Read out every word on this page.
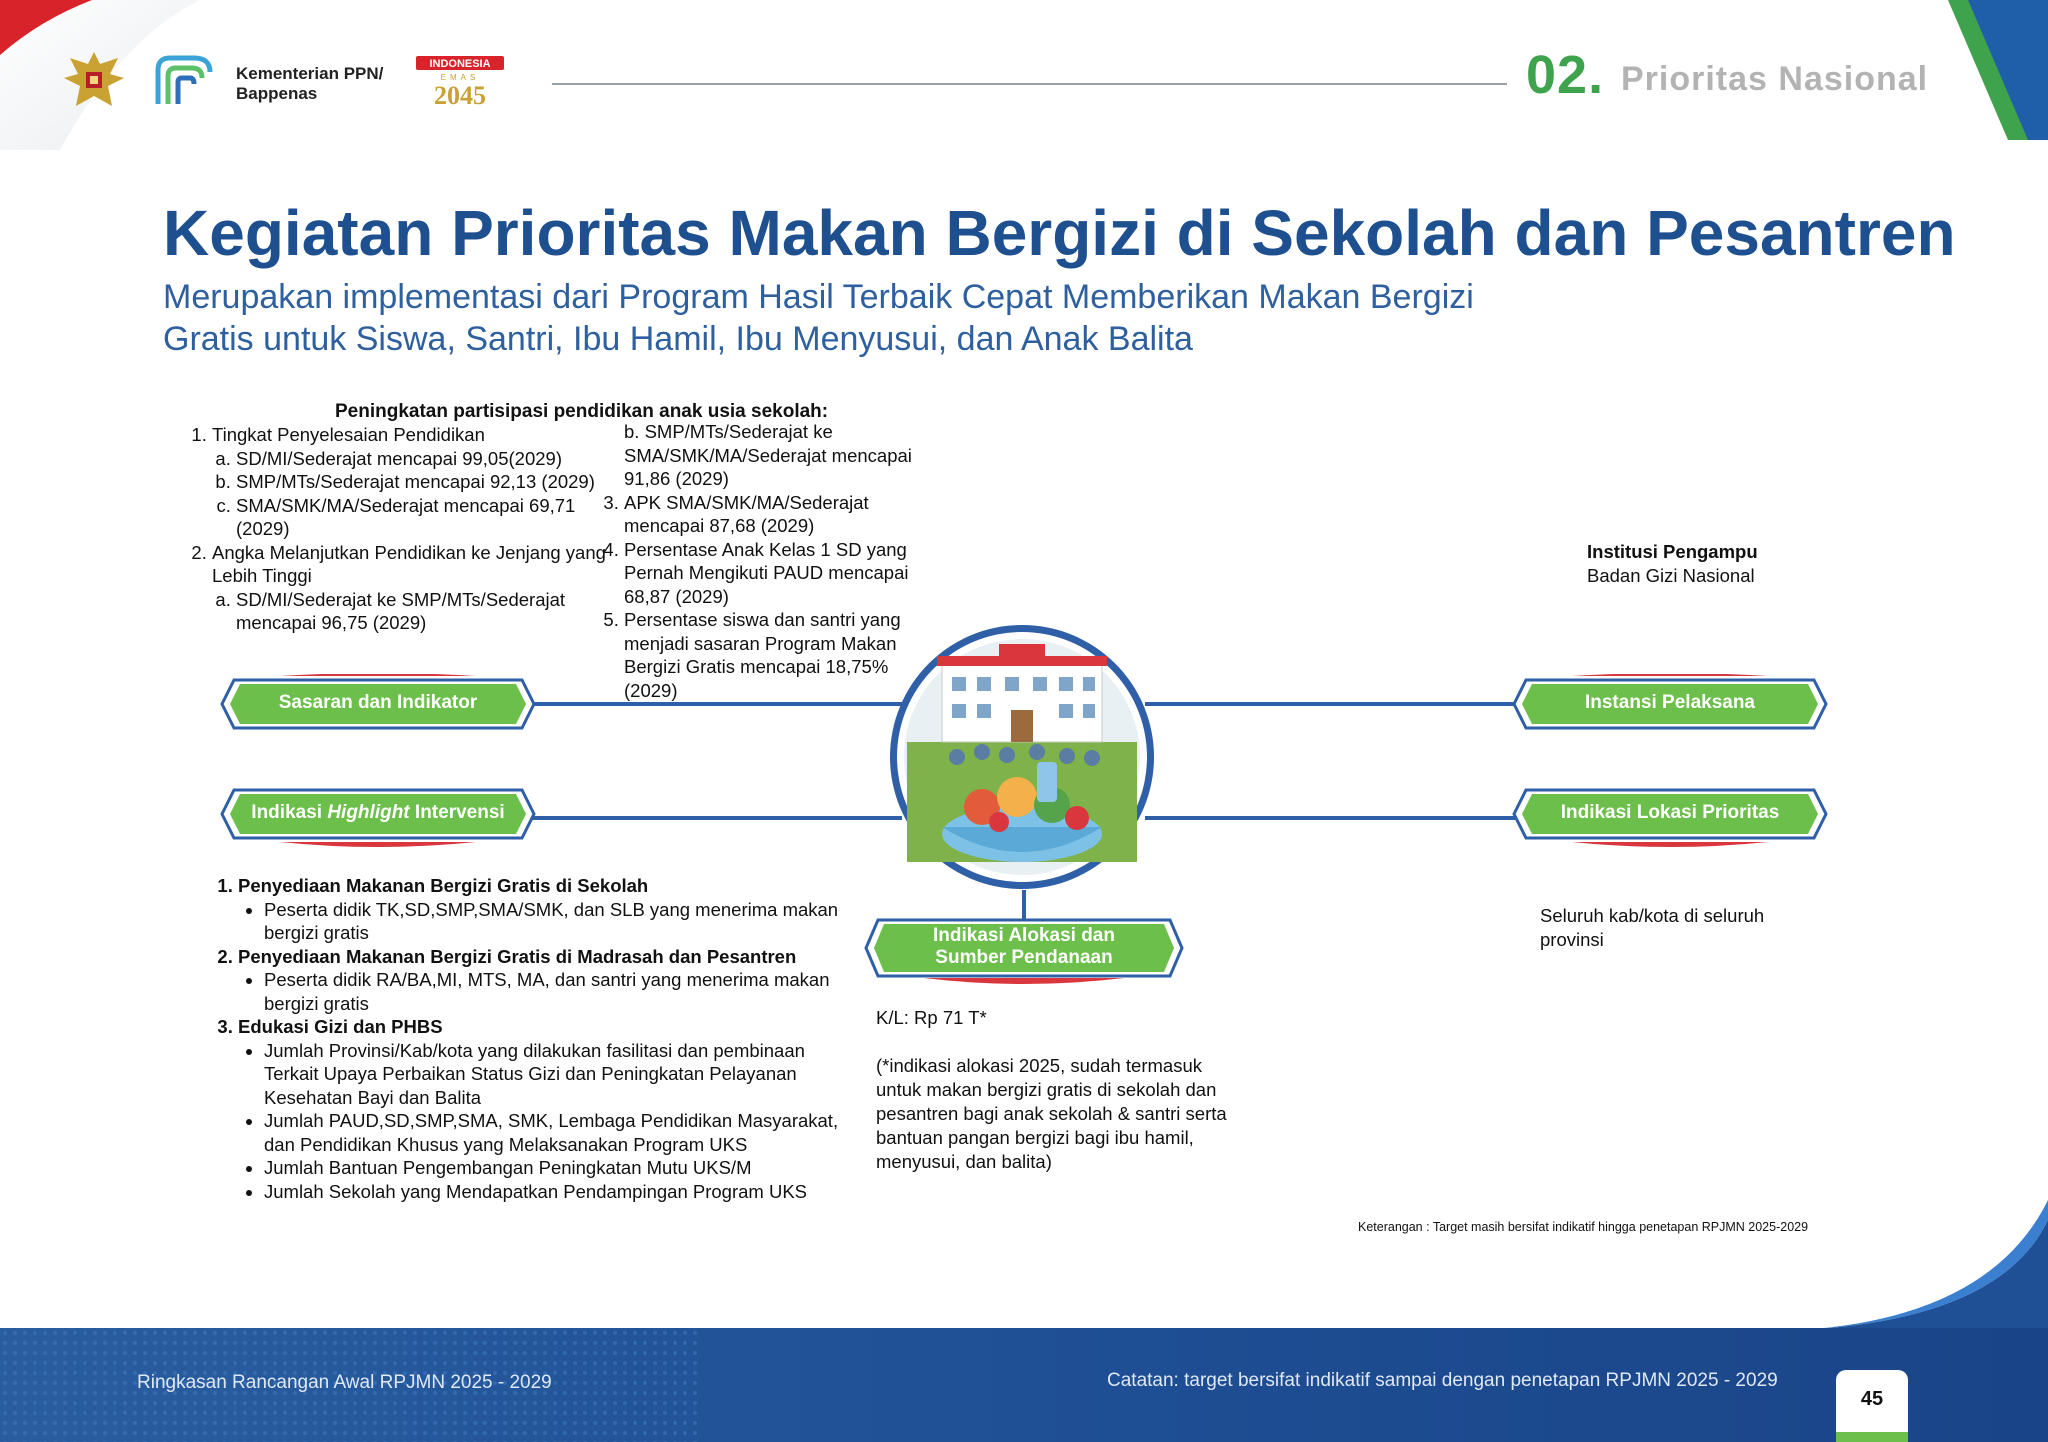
Kementerian PPN/
Bappenas
INDONESIA
EMAS
2045	02. Prioritas Nasional
Kegiatan Prioritas Makan Bergizi di Sekolah dan Pesantren
Merupakan implementasi dari Program Hasil Terbaik Cepat Memberikan Makan Bergizi
Gratis untuk Siswa, Santri, Ibu Hamil, Ibu Menyusui, dan Anak Balita
Peningkatan partisipasi pendidikan anak usia sekolah:
1. Tingkat Penyelesaian Pendidikan
a. SD/MI/Sederajat mencapai 99,05(2029)
b. SMP/MTs/Sederajat mencapai 92,13 (2029)
c. SMA/SMK/MA/Sederajat mencapai 69,71 (2029)
2. Angka Melanjutkan Pendidikan ke Jenjang yang Lebih Tinggi
a. SD/MI/Sederajat ke SMP/MTs/Sederajat mencapai 96,75 (2029)
b. SMP/MTs/Sederajat ke SMA/SMK/MA/Sederajat mencapai 91,86 (2029)
3. APK SMA/SMK/MA/Sederajat mencapai 87,68 (2029)
4. Persentase Anak Kelas 1 SD yang Pernah Mengikuti PAUD mencapai 68,87 (2029)
5. Persentase siswa dan santri yang menjadi sasaran Program Makan Bergizi Gratis mencapai 18,75% (2029)
Sasaran dan Indikator
Indikasi Highlight Intervensi
Instansi Pelaksana
Indikasi Lokasi Prioritas
Indikasi Alokasi dan
Sumber Pendanaan
Institusi Pengampu
Badan Gizi Nasional
Seluruh kab/kota di seluruh provinsi
K/L: Rp 71 T*
(*indikasi alokasi 2025, sudah termasuk untuk makan bergizi gratis di sekolah dan pesantren bagi anak sekolah & santri serta bantuan pangan bergizi bagi ibu hamil, menyusui, dan balita)
1. Penyediaan Makanan Bergizi Gratis di Sekolah
• Peserta didik TK,SD,SMP,SMA/SMK, dan SLB yang menerima makan bergizi gratis
2. Penyediaan Makanan Bergizi Gratis di Madrasah dan Pesantren
• Peserta didik RA/BA,MI, MTS, MA, dan santri yang menerima makan bergizi gratis
3. Edukasi Gizi dan PHBS
• Jumlah Provinsi/Kab/kota yang dilakukan fasilitasi dan pembinaan Terkait Upaya Perbaikan Status Gizi dan Peningkatan Pelayanan Kesehatan Bayi dan Balita
• Jumlah PAUD,SD,SMP,SMA, SMK, Lembaga Pendidikan Masyarakat, dan Pendidikan Khusus yang Melaksanakan Program UKS
• Jumlah Bantuan Pengembangan Peningkatan Mutu UKS/M
• Jumlah Sekolah yang Mendapatkan Pendampingan Program UKS
Keterangan : Target masih bersifat indikatif hingga penetapan RPJMN 2025-2029
Ringkasan Rancangan Awal RPJMN 2025 - 2029	Catatan: target bersifat indikatif sampai dengan penetapan RPJMN 2025 - 2029
45
